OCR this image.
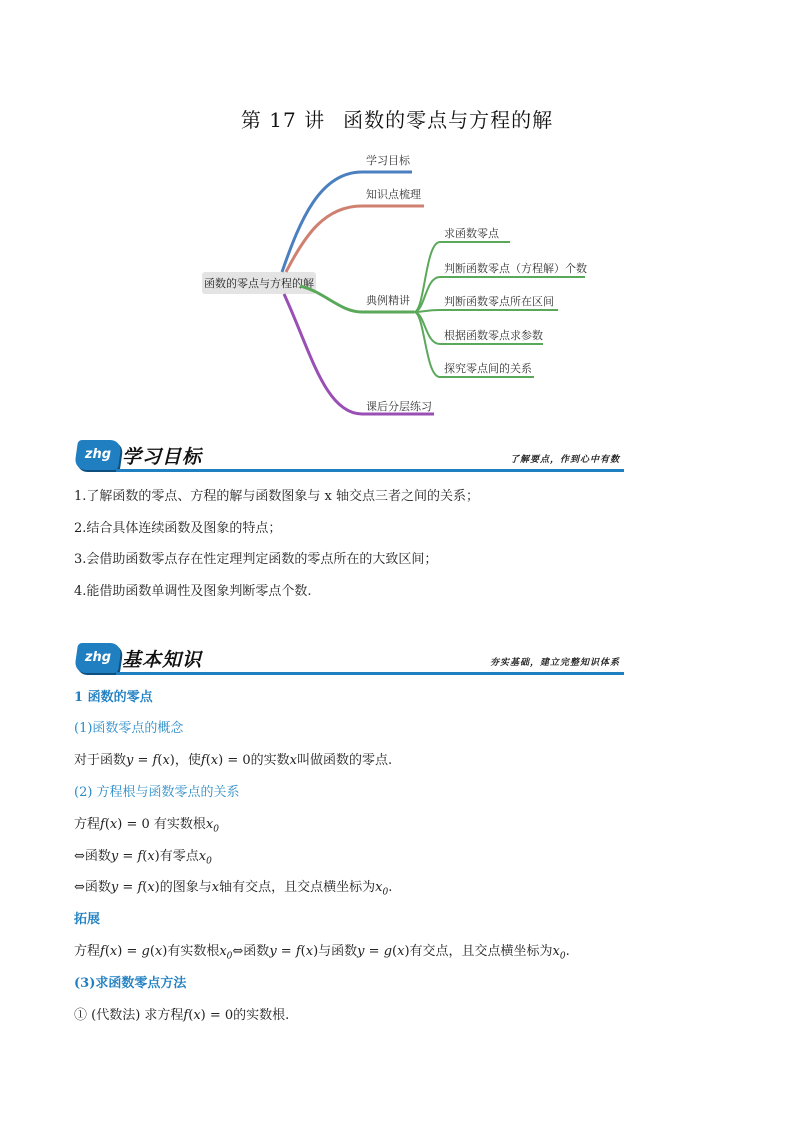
第 17 讲 函数的零点与方程的解
函数的零点与方程的解
学习目标
知识点梳理
典例精讲
课后分层练习
求函数零点
判断函数零点（方程解）个数
判断函数零点所在区间
根据函数零点求参数
探究零点间的关系
zhg 学习目标	了解要点，作到心中有数
1.了解函数的零点、方程的解与函数图象与 x 轴交点三者之间的关系；
2.结合具体连续函数及图象的特点；
3.会借助函数零点存在性定理判定函数的零点所在的大致区间；
4.能借助函数单调性及图象判断零点个数.
zhg 基本知识	夯实基础，建立完整知识体系
1 函数的零点
(1)函数零点的概念
对于函数y = f(x)，使f(x) = 0的实数x叫做函数的零点.
(2) 方程根与函数零点的关系
方程f(x) = 0 有实数根$x_0$
⇔函数y = f(x)有零点$x_0$
⇔函数y = f(x)的图象与x轴有交点，且交点横坐标为$x_0$.
拓展
方程f(x) = g(x)有实数根$x_0\Leftrightarrow$函数y = f(x)与函数y = g(x)有交点，且交点横坐标为$x_0$.
(3)求函数零点方法
① (代数法) 求方程f(x) = 0的实数根.
